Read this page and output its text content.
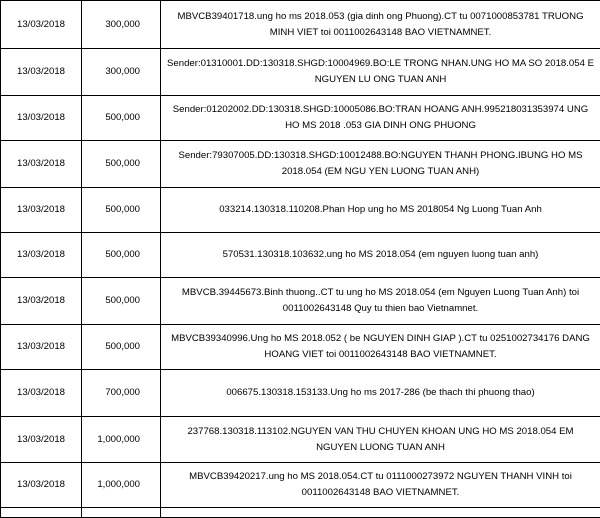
13/03/2018	300,000	MBVCB39401718.ung ho ms 2018.053 (gia dinh ong Phuong).CT tu 0071000853781 TRUONG MINH VIET toi 0011002643148 BAO VIETNAMNET.
13/03/2018	300,000	Sender:01310001.DD:130318.SHGD:10004969.BO:LE TRONG NHAN.UNG HO MA SO 2018.054 E NGUYEN LU ONG TUAN ANH
13/03/2018	500,000	Sender:01202002.DD:130318.SHGD:10005086.BO:TRAN HOANG ANH.995218031353974 UNG HO MS 2018 .053 GIA DINH ONG PHUONG
13/03/2018	500,000	Sender:79307005.DD:130318.SHGD:10012488.BO:NGUYEN THANH PHONG.IBUNG HO MS 2018.054 (EM NGU YEN LUONG TUAN ANH)
13/03/2018	500,000	033214.130318.110208.Phan Hop ung ho MS 2018054 Ng Luong Tuan Anh
13/03/2018	500,000	570531.130318.103632.ung ho MS 2018.054 (em nguyen luong tuan anh)
13/03/2018	500,000	MBVCB.39445673.Binh thuong..CT tu ung ho MS 2018.054 (em Nguyen Luong Tuan Anh) toi 0011002643148 Quy tu thien bao Vietnamnet.
13/03/2018	500,000	MBVCB39340996.Ung ho MS 2018.052 ( be NGUYEN DINH GIAP ).CT tu 0251002734176 DANG HOANG VIET toi 0011002643148 BAO VIETNAMNET.
13/03/2018	700,000	006675.130318.153133.Ung ho ms 2017-286 (be thach thi phuong thao)
13/03/2018	1,000,000	237768.130318.113102.NGUYEN VAN THU CHUYEN KHOAN UNG HO MS 2018.054 EM NGUYEN LUONG TUAN ANH
13/03/2018	1,000,000	MBVCB39420217.ung ho MS 2018.054.CT tu 0111000273972 NGUYEN THANH VINH toi 0011002643148 BAO VIETNAMNET.
